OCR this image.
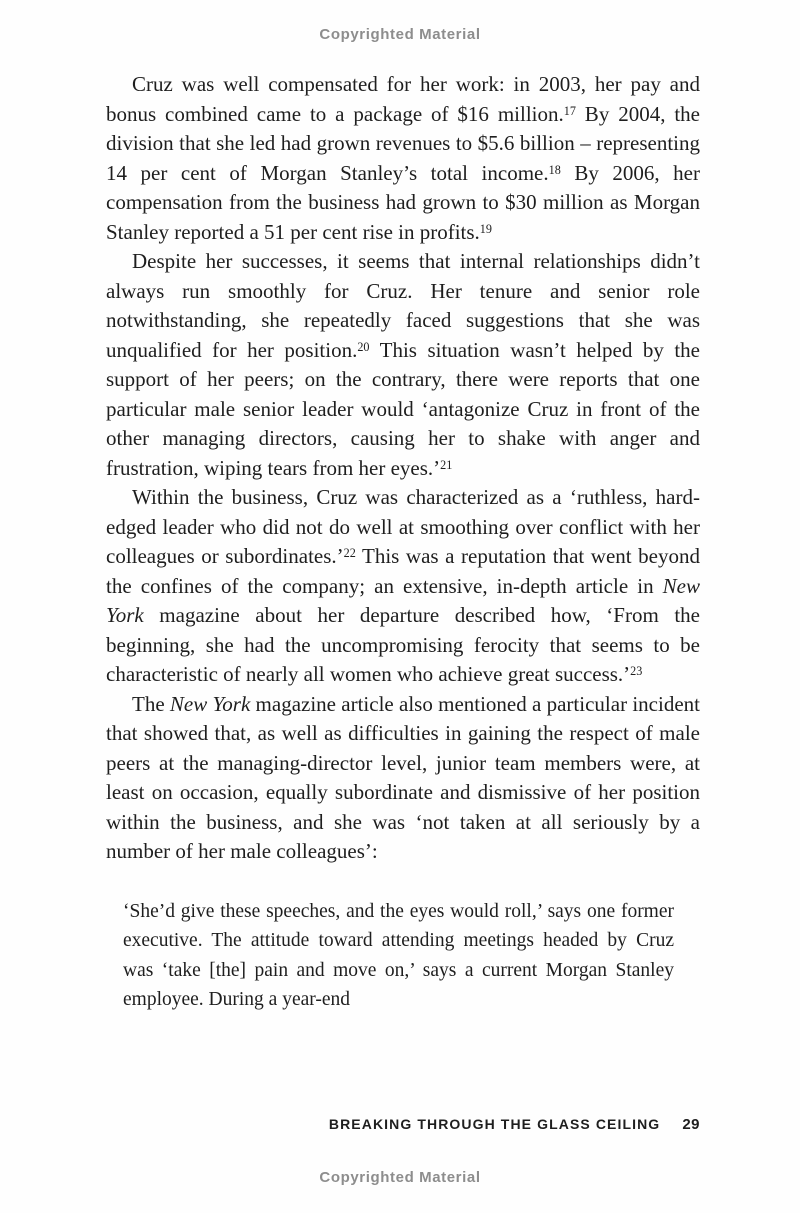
Copyrighted Material

Cruz was well compensated for her work: in 2003, her pay and bonus combined came to a package of $16 million.$^{17}$ By 2004, the division that she led had grown revenues to $5.6 billion – representing 14 per cent of Morgan Stanley’s total income.$^{18}$ By 2006, her compensation from the business had grown to $30 million as Morgan Stanley reported a 51 per cent rise in profits.$^{19}$

Despite her successes, it seems that internal relationships didn’t always run smoothly for Cruz. Her tenure and senior role notwithstanding, she repeatedly faced suggestions that she was unqualified for her position.$^{20}$ This situation wasn’t helped by the support of her peers; on the contrary, there were reports that one particular male senior leader would ‘antagonize Cruz in front of the other managing directors, causing her to shake with anger and frustration, wiping tears from her eyes.’$^{21}$

Within the business, Cruz was characterized as a ‘ruthless, hard-edged leader who did not do well at smoothing over conflict with her colleagues or subordinates.’$^{22}$ This was a reputation that went beyond the confines of the company; an extensive, in-depth article in New York magazine about her departure described how, ‘From the beginning, she had the uncompromising ferocity that seems to be characteristic of nearly all women who achieve great success.’$^{23}$

The New York magazine article also mentioned a particular incident that showed that, as well as difficulties in gaining the respect of male peers at the managing-director level, junior team members were, at least on occasion, equally subordinate and dismissive of her position within the business, and she was ‘not taken at all seriously by a number of her male colleagues’:

‘She’d give these speeches, and the eyes would roll,’ says one former executive. The attitude toward attending meetings headed by Cruz was ‘take [the] pain and move on,’ says a current Morgan Stanley employee. During a year-end

BREAKING THROUGH THE GLASS CEILING 29
Copyrighted Material
